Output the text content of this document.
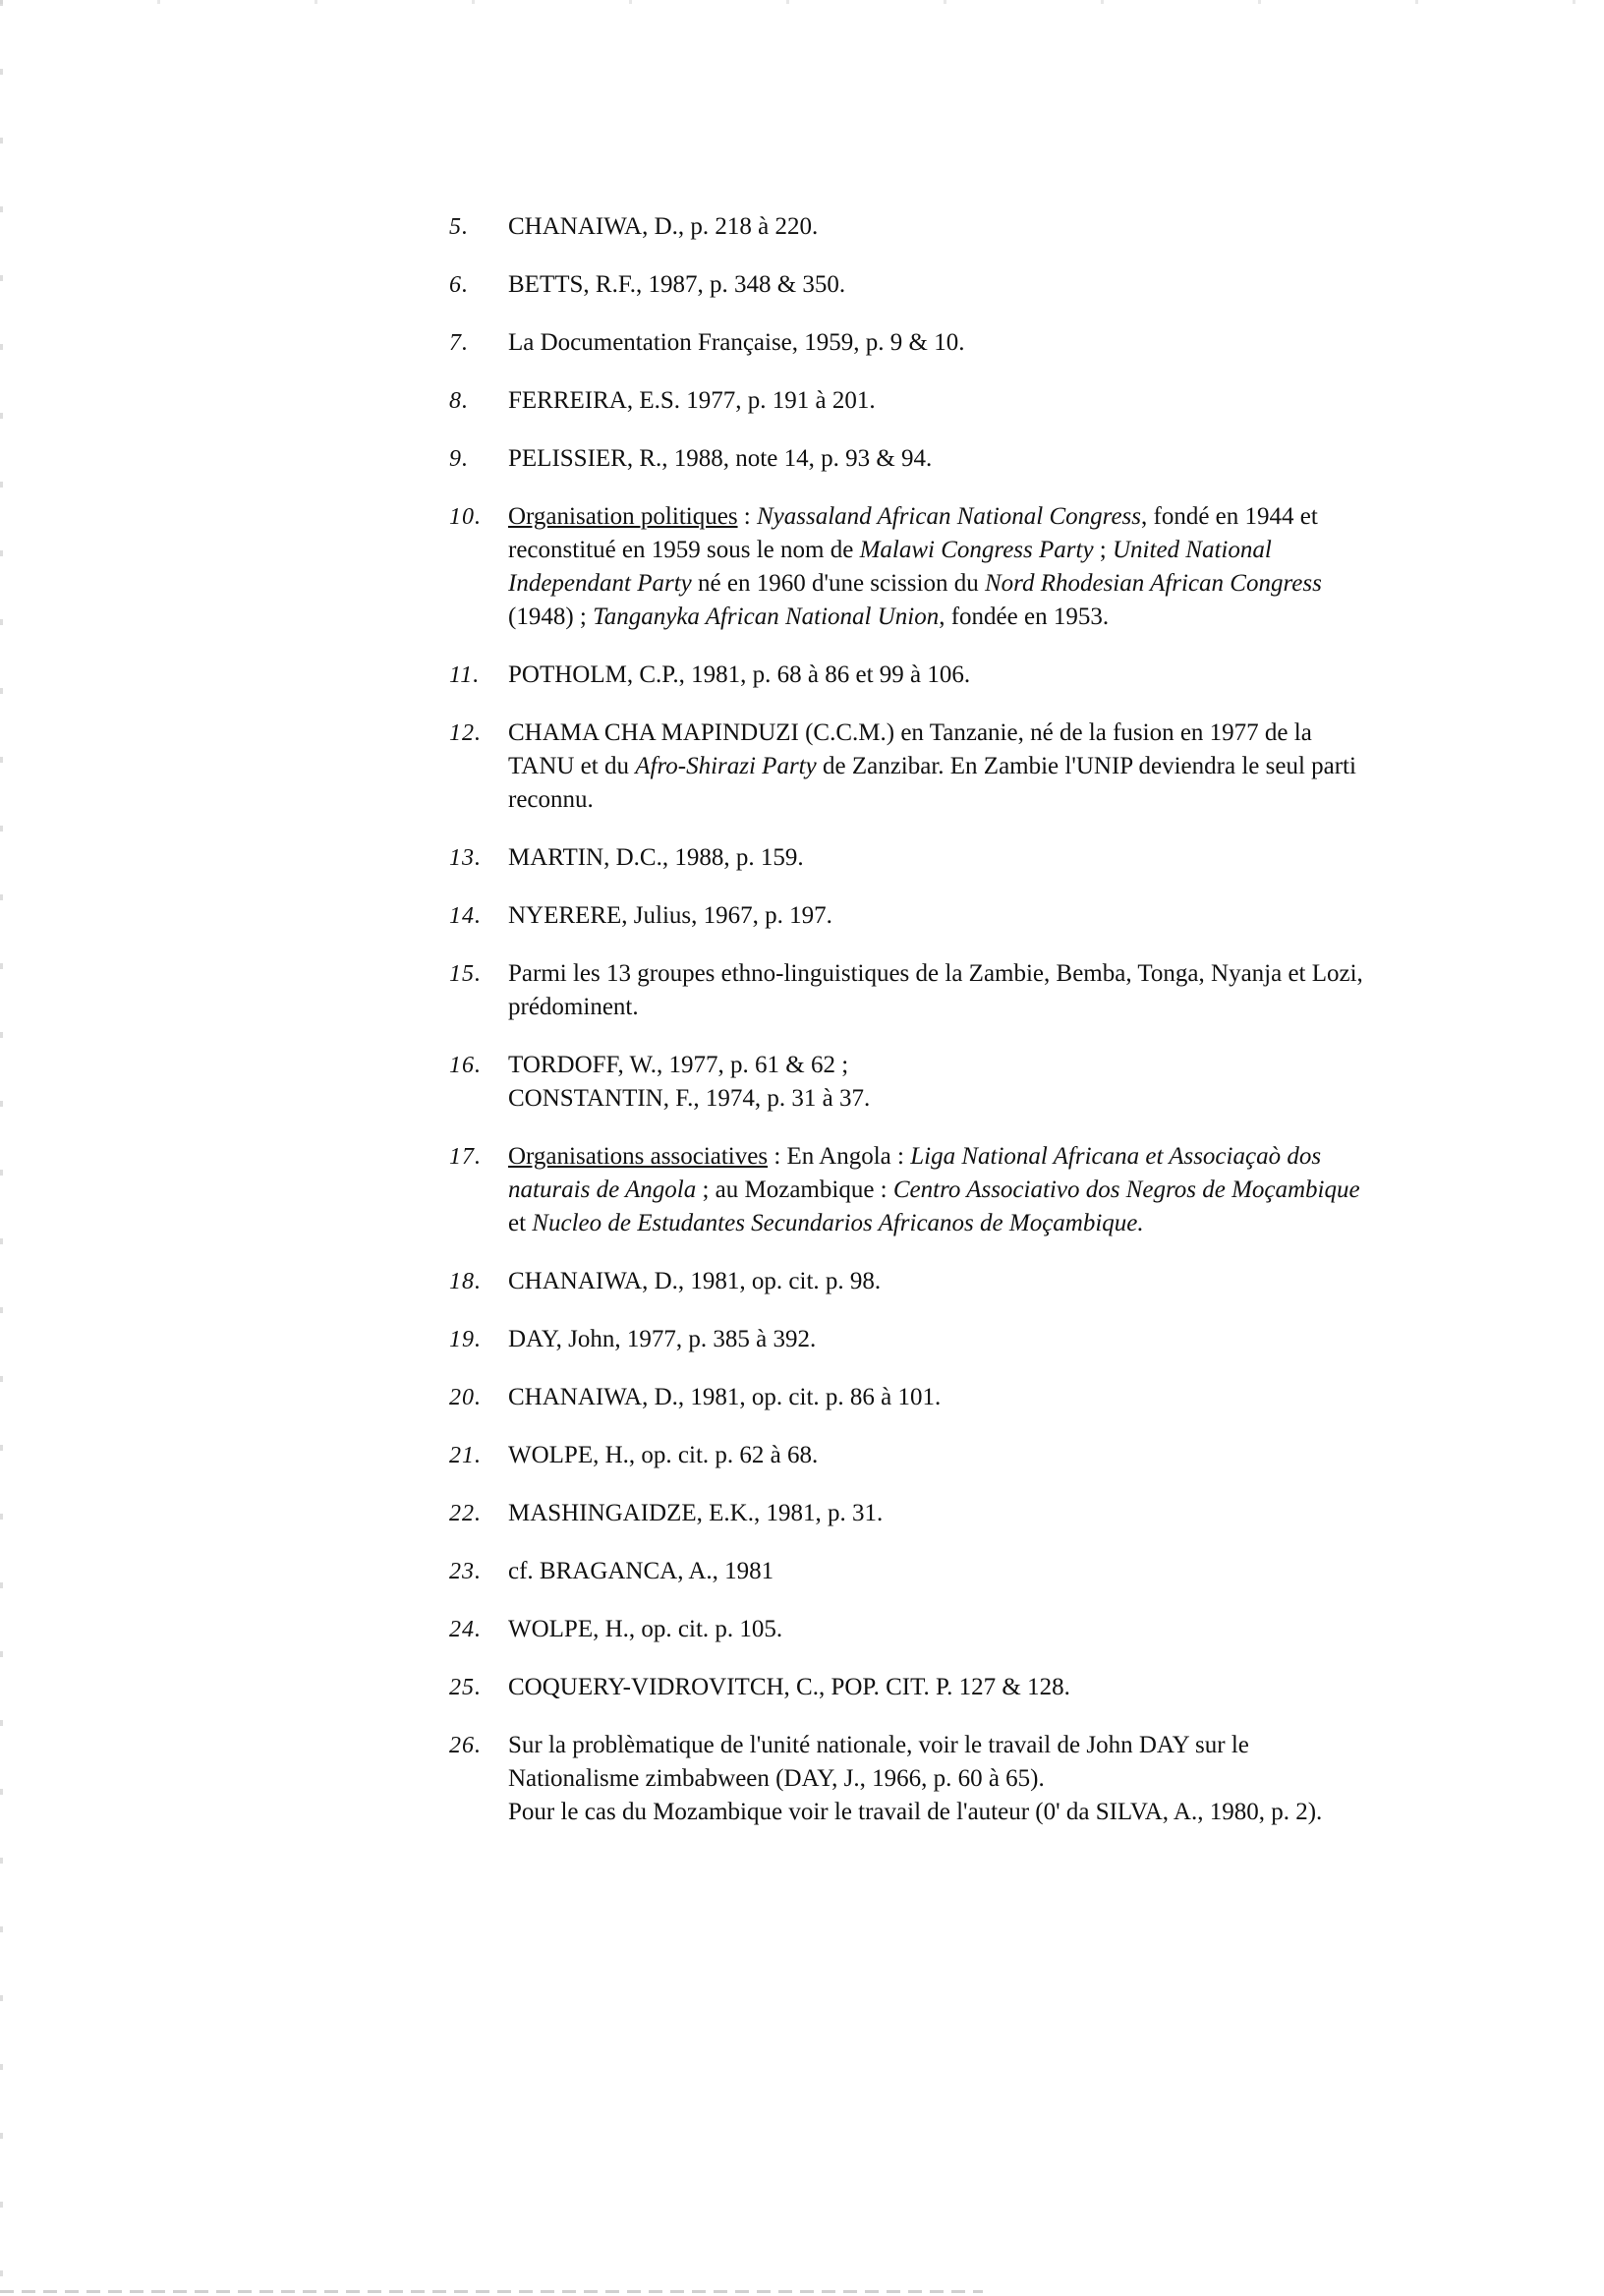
5.	CHANAIWA, D., p. 218 à 220.
6.	BETTS, R.F., 1987, p. 348 & 350.
7.	La Documentation Française, 1959, p. 9 & 10.
8.	FERREIRA, E.S. 1977, p. 191 à 201.
9.	PELISSIER, R., 1988, note 14, p. 93 & 94.
10.	Organisation politiques : Nyassaland African National Congress, fondé en 1944 et
reconstitué en 1959 sous le nom de Malawi Congress Party ; United National
Independant Party né en 1960 d'une scission du Nord Rhodesian African Congress
(1948) ; Tanganyka African National Union, fondée en 1953.
11.	POTHOLM, C.P., 1981, p. 68 à 86 et 99 à 106.
12.	CHAMA CHA MAPINDUZI (C.C.M.) en Tanzanie, né de la fusion en 1977 de la
TANU et du Afro-Shirazi Party de Zanzibar. En Zambie l'UNIP deviendra le seul parti
reconnu.
13.	MARTIN, D.C., 1988, p. 159.
14.	NYERERE, Julius, 1967, p. 197.
15.	Parmi les 13 groupes ethno-linguistiques de la Zambie, Bemba, Tonga, Nyanja et Lozi,
prédominent.
16.	TORDOFF, W., 1977, p. 61 & 62 ;
CONSTANTIN, F., 1974, p. 31 à 37.
17.	Organisations associatives : En Angola : Liga National Africana et Associaçaò dos
naturais de Angola ; au Mozambique : Centro Associativo dos Negros de Moçambique
et Nucleo de Estudantes Secundarios Africanos de Moçambique.
18.	CHANAIWA, D., 1981, op. cit. p. 98.
19.	DAY, John, 1977, p. 385 à 392.
20.	CHANAIWA, D., 1981, op. cit. p. 86 à 101.
21.	WOLPE, H., op. cit. p. 62 à 68.
22.	MASHINGAIDZE, E.K., 1981, p. 31.
23.	cf. BRAGANCA, A., 1981
24.	WOLPE, H., op. cit. p. 105.
25.	COQUERY-VIDROVITCH, C., POP. CIT. P. 127 & 128.
26.	Sur la problèmatique de l'unité nationale, voir le travail de John DAY sur le
Nationalisme zimbabween (DAY, J., 1966, p. 60 à 65).
Pour le cas du Mozambique voir le travail de l'auteur (0' da SILVA, A., 1980, p. 2).
